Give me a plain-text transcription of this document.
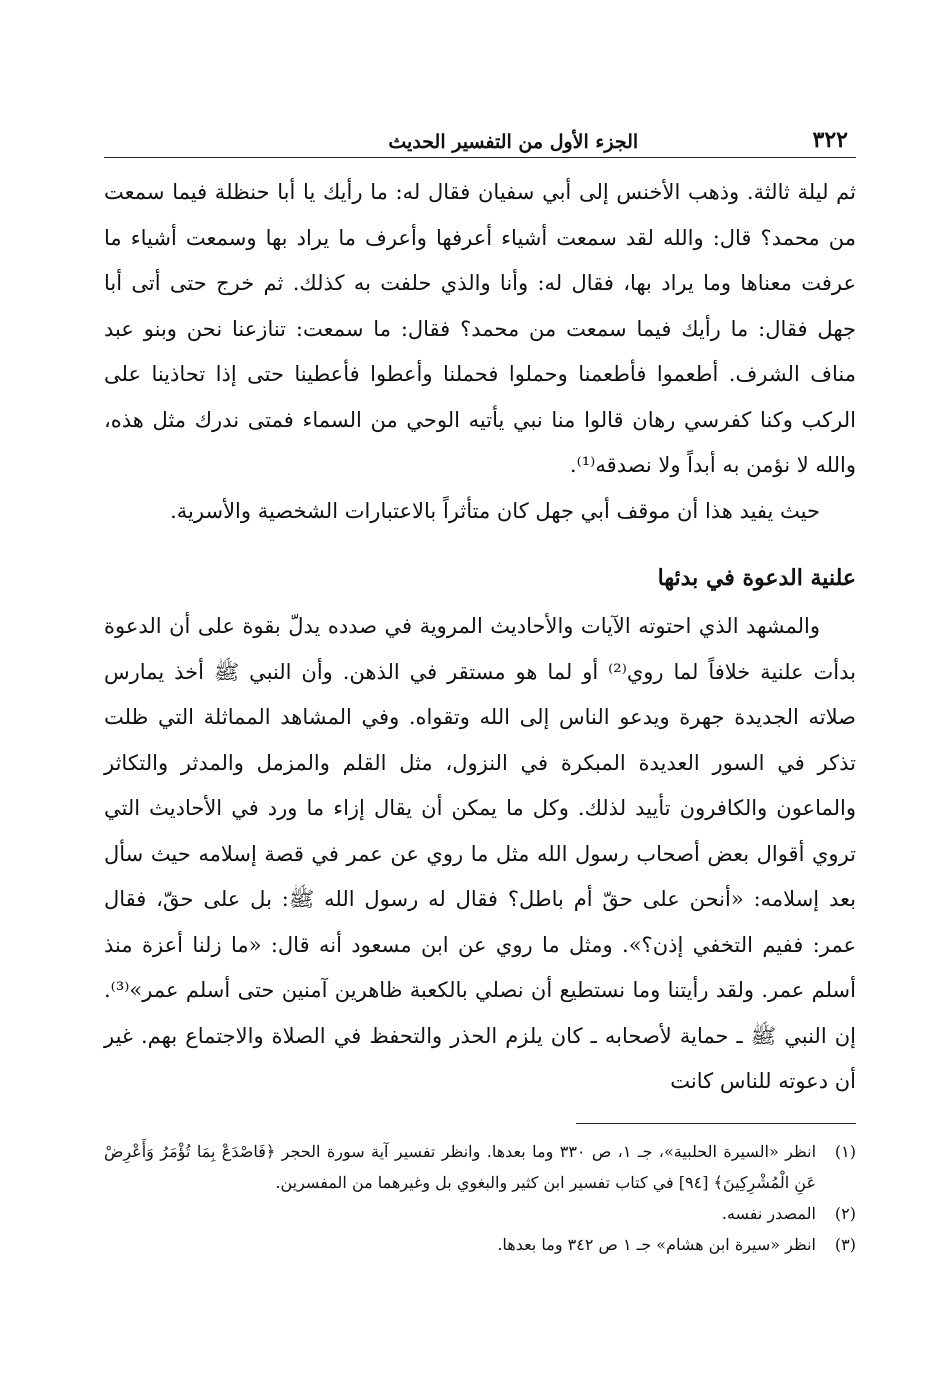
٣٢٢
الجزء الأول من التفسير الحديث

ثم ليلة ثالثة. وذهب الأخنس إلى أبي سفيان فقال له: ما رأيك يا أبا حنظلة فيما سمعت من محمد؟ قال: والله لقد سمعت أشياء أعرفها وأعرف ما يراد بها وسمعت أشياء ما عرفت معناها وما يراد بها، فقال له: وأنا والذي حلفت به كذلك. ثم خرج حتى أتى أبا جهل فقال: ما رأيك فيما سمعت من محمد؟ فقال: ما سمعت: تنازعنا نحن وبنو عبد مناف الشرف. أطعموا فأطعمنا وحملوا فحملنا وأعطوا فأعطينا حتى إذا تحاذينا على الركب وكنا كفرسي رهان قالوا منا نبي يأتيه الوحي من السماء فمتى ندرك مثل هذه، والله لا نؤمن به أبداً ولا نصدقه⁽¹⁾.

حيث يفيد هذا أن موقف أبي جهل كان متأثراً بالاعتبارات الشخصية والأسرية.

علنية الدعوة في بدئها

والمشهد الذي احتوته الآيات والأحاديث المروية في صدده يدلّ بقوة على أن الدعوة بدأت علنية خلافاً لما روي⁽²⁾ أو لما هو مستقر في الذهن. وأن النبي ﷺ أخذ يمارس صلاته الجديدة جهرة ويدعو الناس إلى الله وتقواه. وفي المشاهد المماثلة التي ظلت تذكر في السور العديدة المبكرة في النزول، مثل القلم والمزمل والمدثر والتكاثر والماعون والكافرون تأييد لذلك. وكل ما يمكن أن يقال إزاء ما ورد في الأحاديث التي تروي أقوال بعض أصحاب رسول الله مثل ما روي عن عمر في قصة إسلامه حيث سأل بعد إسلامه: «أنحن على حقّ أم باطل؟ فقال له رسول الله ﷺ: بل على حقّ، فقال عمر: ففيم التخفي إذن؟». ومثل ما روي عن ابن مسعود أنه قال: «ما زلنا أعزة منذ أسلم عمر. ولقد رأيتنا وما نستطيع أن نصلي بالكعبة ظاهرين آمنين حتى أسلم عمر»⁽³⁾. إن النبي ﷺ ـ حماية لأصحابه ـ كان يلزم الحذر والتحفظ في الصلاة والاجتماع بهم. غير أن دعوته للناس كانت

(١)
انظر «السيرة الحلبية»، جـ ١، ص ٣٣٠ وما بعدها. وانظر تفسير آية سورة الحجر ﴿فَاصْدَعْ بِمَا تُؤْمَرُ وَأَعْرِضْ عَنِ الْمُشْرِكِينَ﴾ [٩٤] في كتاب تفسير ابن كثير والبغوي بل وغيرهما من المفسرين.
(٢)
المصدر نفسه.
(٣)
انظر «سيرة ابن هشام» جـ ١ ص ٣٤٢ وما بعدها.
